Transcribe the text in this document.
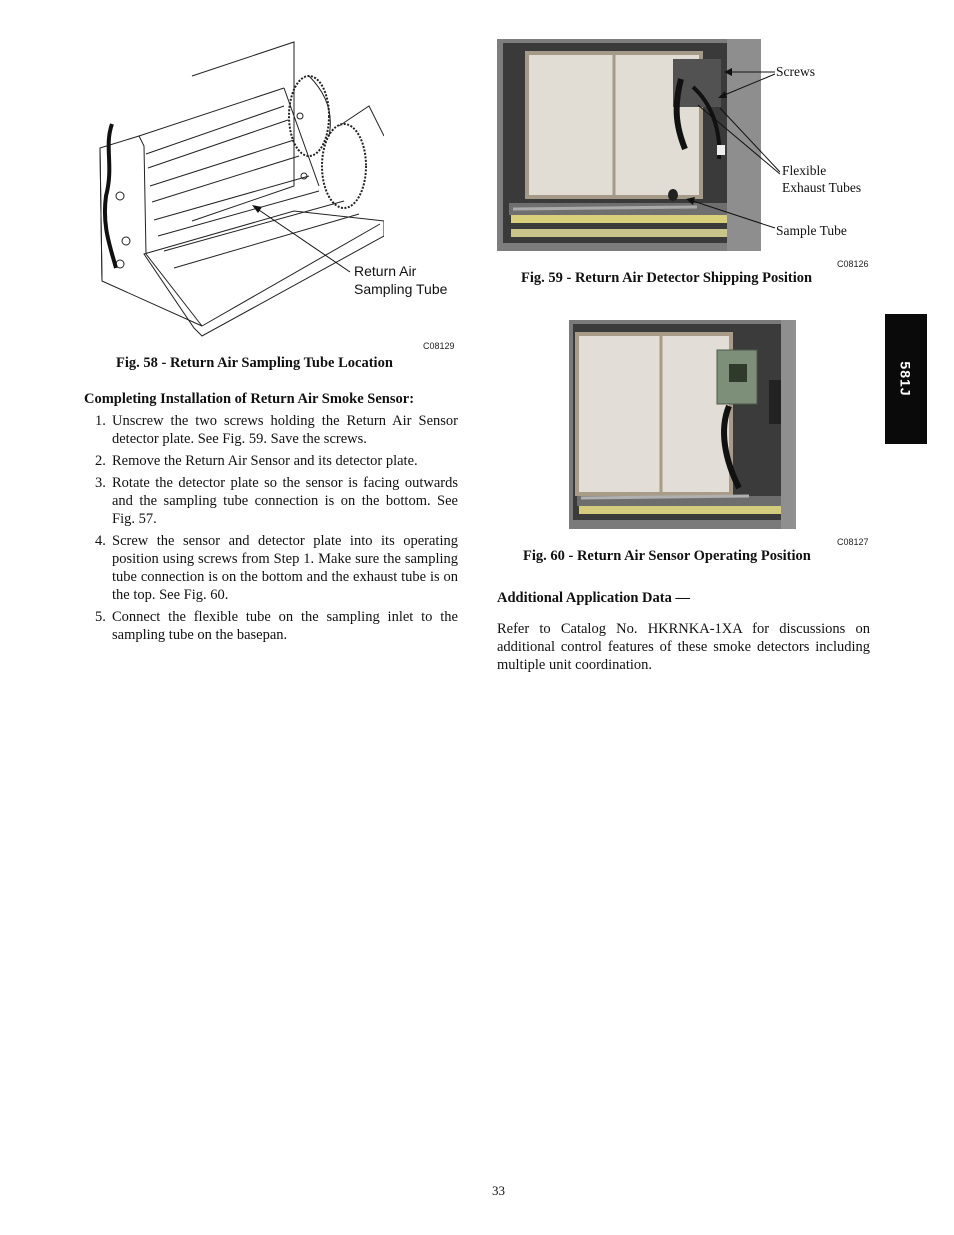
Return Air
Sampling Tube
C08129
Fig. 58 - Return Air Sampling Tube Location
Screws
Flexible
Exhaust Tubes
Sample Tube
C08126
Fig. 59 - Return Air Detector Shipping Position
581J
C08127
Fig. 60 - Return Air Sensor Operating Position
Completing Installation of Return Air Smoke Sensor:
1. Unscrew the two screws holding the Return Air Sensor detector plate. See Fig. 59. Save the screws.
2. Remove the Return Air Sensor and its detector plate.
3. Rotate the detector plate so the sensor is facing outwards and the sampling tube connection is on the bottom. See Fig. 57.
4. Screw the sensor and detector plate into its operating position using screws from Step 1. Make sure the sampling tube connection is on the bottom and the exhaust tube is on the top. See Fig. 60.
5. Connect the flexible tube on the sampling inlet to the sampling tube on the basepan.
Additional Application Data —

Refer to Catalog No. HKRNKA-1XA for discussions on additional control features of these smoke detectors including multiple unit coordination.

33
